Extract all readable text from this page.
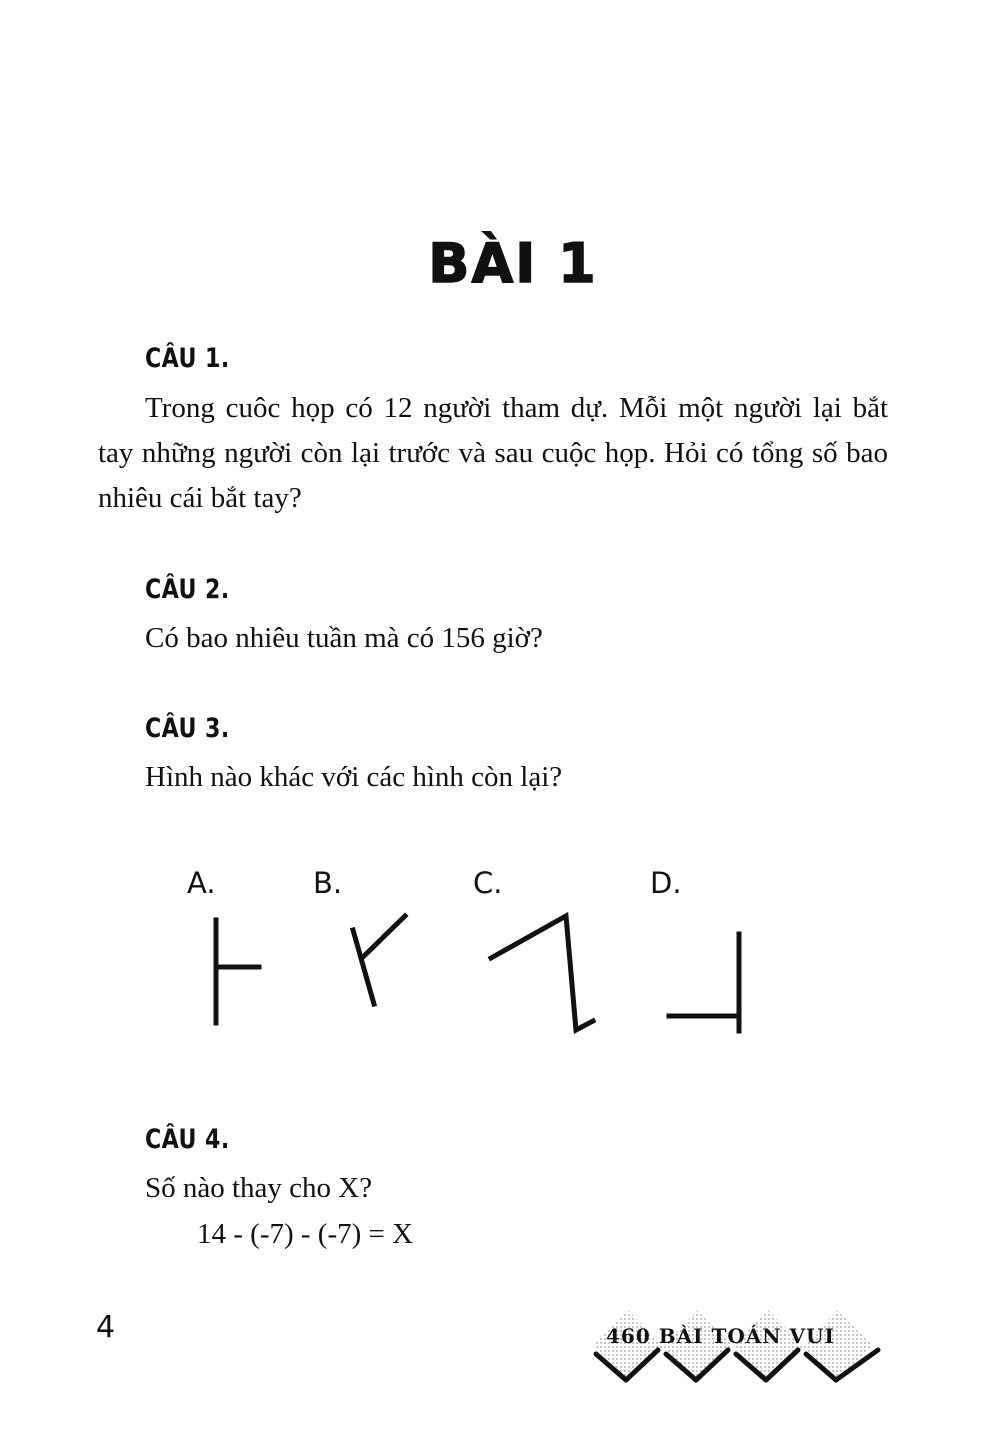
BÀI 1
CÂU 1.
Trong cuôc họp có 12 người tham dự. Mỗi một người lại bắt tay những người còn lại trước và sau cuộc họp. Hỏi có tổng số bao nhiêu cái bắt tay?
CÂU 2.
Có bao nhiêu tuần mà có 156 giờ?
CÂU 3.
Hình nào khác với các hình còn lại?
A.	B.	C.	D.
CÂU 4.
Số nào thay cho X?
14 - (-7) - (-7) = X
4	460 BÀI TOÁN VUI
